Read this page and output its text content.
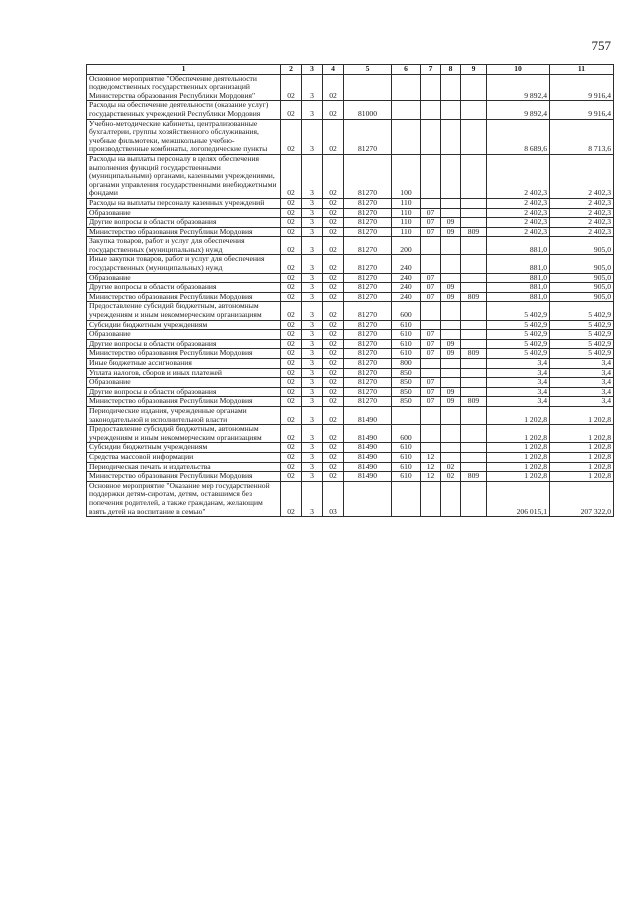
757
1	2	3	4	5	6	7	8	9	10	11
Основное мероприятие "Обеспечение деятельности подведомственных государственных организаций Министерства образования Республики Мордовия"	02	3	02						9 892,4	9 916,4
Расходы на обеспечение деятельности (оказание услуг) государственных учреждений Республики Мордовия	02	3	02	81000					9 892,4	9 916,4
Учебно-методические кабинеты, централизованные бухгалтерии, группы хозяйственного обслуживания, учебные фильмотеки, межшкольные учебно-производственные комбинаты, логопедические пункты	02	3	02	81270					8 689,6	8 713,6
Расходы на выплаты персоналу в целях обеспечения выполнения функций государственными (муниципальными) органами, казенными учреждениями, органами управления государственными внебюджетными фондами	02	3	02	81270	100				2 402,3	2 402,3
Расходы на выплаты персоналу казенных учреждений	02	3	02	81270	110				2 402,3	2 402,3
Образование	02	3	02	81270	110	07			2 402,3	2 402,3
Другие вопросы в области образования	02	3	02	81270	110	07	09		2 402,3	2 402,3
Министерство образования Республики Мордовия	02	3	02	81270	110	07	09	809	2 402,3	2 402,3
Закупка товаров, работ и услуг для обеспечения государственных (муниципальных) нужд	02	3	02	81270	200				881,0	905,0
Иные закупки товаров, работ и услуг для обеспечения государственных (муниципальных) нужд	02	3	02	81270	240				881,0	905,0
Образование	02	3	02	81270	240	07			881,0	905,0
Другие вопросы в области образования	02	3	02	81270	240	07	09		881,0	905,0
Министерство образования Республики Мордовия	02	3	02	81270	240	07	09	809	881,0	905,0
Предоставление субсидий бюджетным, автономным учреждениям и иным некоммерческим организациям	02	3	02	81270	600				5 402,9	5 402,9
Субсидии бюджетным учреждениям	02	3	02	81270	610				5 402,9	5 402,9
Образование	02	3	02	81270	610	07			5 402,9	5 402,9
Другие вопросы в области образования	02	3	02	81270	610	07	09		5 402,9	5 402,9
Министерство образования Республики Мордовия	02	3	02	81270	610	07	09	809	5 402,9	5 402,9
Иные бюджетные ассигнования	02	3	02	81270	800				3,4	3,4
Уплата налогов, сборов и иных платежей	02	3	02	81270	850				3,4	3,4
Образование	02	3	02	81270	850	07			3,4	3,4
Другие вопросы в области образования	02	3	02	81270	850	07	09		3,4	3,4
Министерство образования Республики Мордовия	02	3	02	81270	850	07	09	809	3,4	3,4
Периодические издания, учрежденные органами законодательной и исполнительной власти	02	3	02	81490					1 202,8	1 202,8
Предоставление субсидий бюджетным, автономным учреждениям и иным некоммерческим организациям	02	3	02	81490	600				1 202,8	1 202,8
Субсидии бюджетным учреждениям	02	3	02	81490	610				1 202,8	1 202,8
Средства массовой информации	02	3	02	81490	610	12			1 202,8	1 202,8
Периодическая печать и издательства	02	3	02	81490	610	12	02		1 202,8	1 202,8
Министерство образования Республики Мордовия	02	3	02	81490	610	12	02	809	1 202,8	1 202,8
Основное мероприятие "Оказание мер государственной поддержки детям-сиротам, детям, оставшимся без попечения родителей, а также гражданам, желающим взять детей на воспитание в семью"	02	3	03						206 015,1	207 322,0
